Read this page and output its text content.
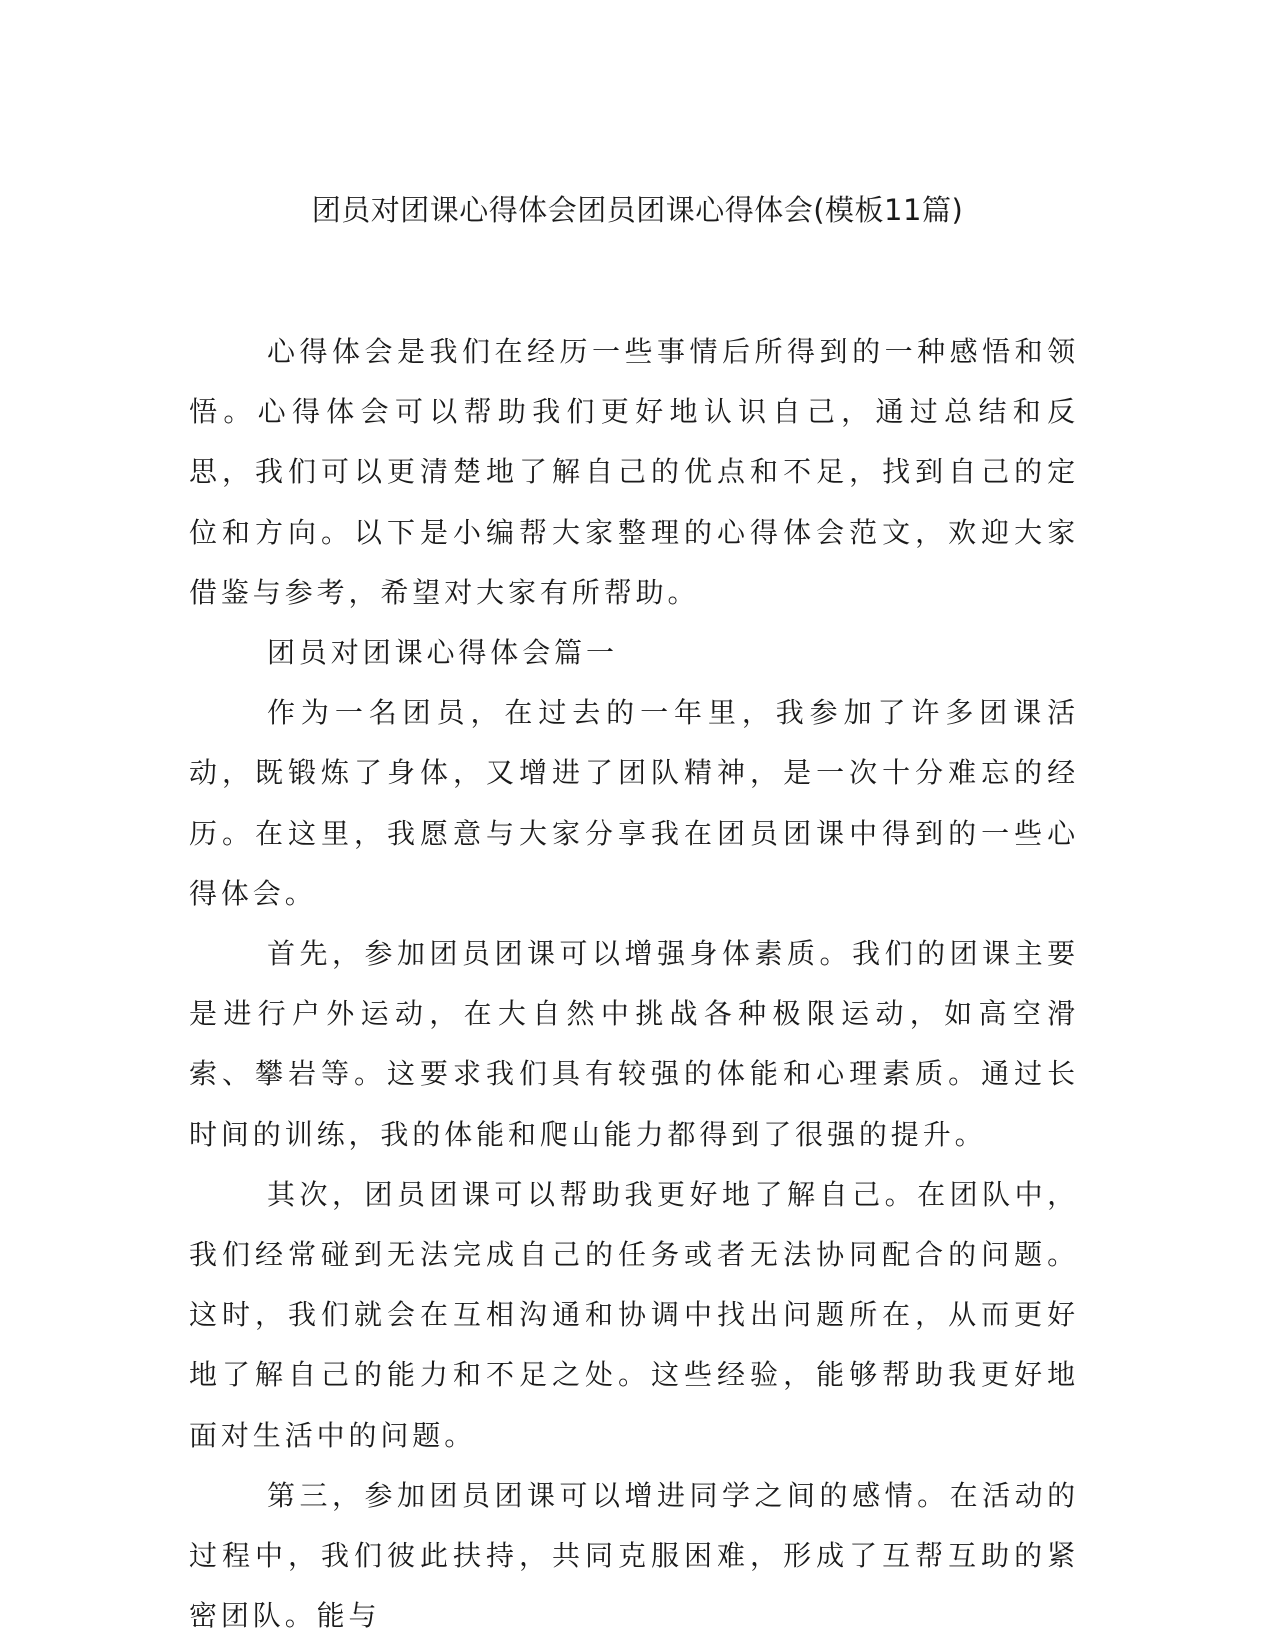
团员对团课心得体会团员团课心得体会(模板11篇)

心得体会是我们在经历一些事情后所得到的一种感悟和领悟。心得体会可以帮助我们更好地认识自己，通过总结和反思，我们可以更清楚地了解自己的优点和不足，找到自己的定位和方向。以下是小编帮大家整理的心得体会范文，欢迎大家借鉴与参考，希望对大家有所帮助。

团员对团课心得体会篇一

作为一名团员，在过去的一年里，我参加了许多团课活动，既锻炼了身体，又增进了团队精神，是一次十分难忘的经历。在这里，我愿意与大家分享我在团员团课中得到的一些心得体会。

首先，参加团员团课可以增强身体素质。我们的团课主要是进行户外运动，在大自然中挑战各种极限运动，如高空滑索、攀岩等。这要求我们具有较强的体能和心理素质。通过长时间的训练，我的体能和爬山能力都得到了很强的提升。

其次，团员团课可以帮助我更好地了解自己。在团队中，我们经常碰到无法完成自己的任务或者无法协同配合的问题。这时，我们就会在互相沟通和协调中找出问题所在，从而更好地了解自己的能力和不足之处。这些经验，能够帮助我更好地面对生活中的问题。

第三，参加团员团课可以增进同学之间的感情。在活动的过程中，我们彼此扶持，共同克服困难，形成了互帮互助的紧密团队。能与
